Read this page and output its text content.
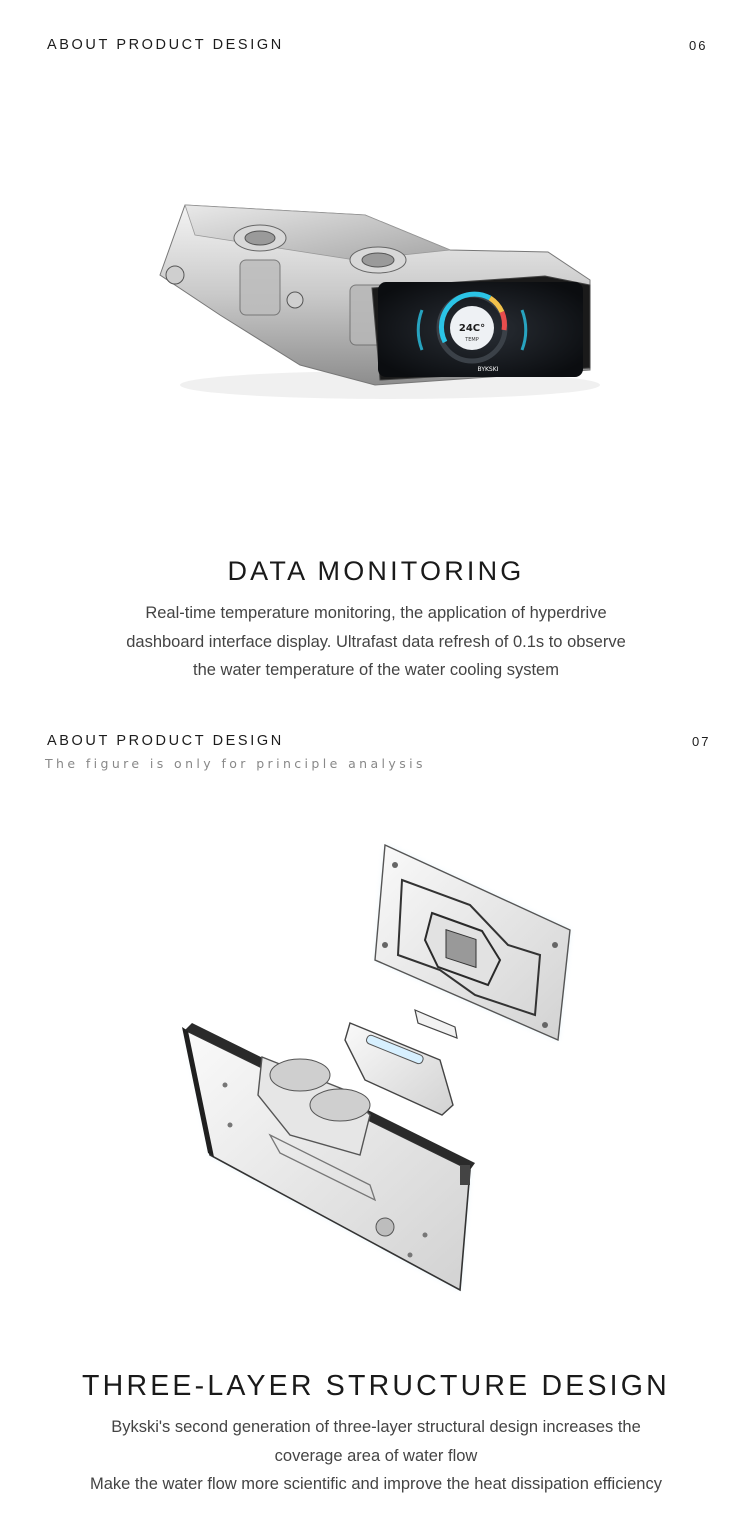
ABOUT PRODUCT DESIGN	06
24C°
TEMP
BYKSKI
DATA MONITORING
Real-time temperature monitoring, the application of hyperdrive
dashboard interface display. Ultrafast data refresh of 0.1s to observe
the water temperature of the water cooling system
ABOUT PRODUCT DESIGN	07
The figure is only for principle analysis
THREE-LAYER STRUCTURE DESIGN
Bykski's second generation of three-layer structural design increases the
coverage area of water flow
Make the water flow more scientific and improve the heat dissipation efficiency
